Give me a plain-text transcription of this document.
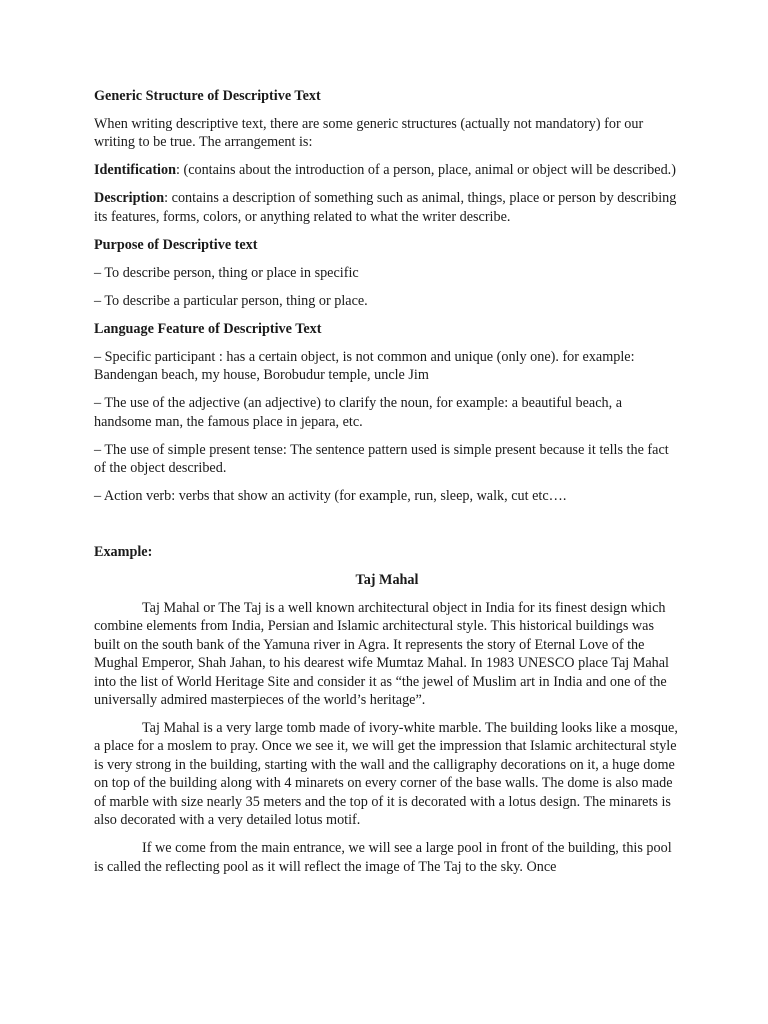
Generic Structure of Descriptive Text

When writing descriptive text, there are some generic structures (actually not mandatory) for our writing to be true. The arrangement is:

Identification: (contains about the introduction of a person, place, animal or object will be described.)

Description: contains a description of something such as animal, things, place or person by describing its features, forms, colors, or anything related to what the writer describe.

Purpose of Descriptive text

– To describe person, thing or place in specific

– To describe a particular person, thing or place.

Language Feature of Descriptive Text

– Specific participant : has a certain object, is not common and unique (only one). for example: Bandengan beach, my house, Borobudur temple, uncle Jim

– The use of the adjective (an adjective) to clarify the noun, for example: a beautiful beach, a handsome man, the famous place in jepara, etc.

– The use of simple present tense: The sentence pattern used is simple present because it tells the fact of the object described.

– Action verb: verbs that show an activity (for example, run, sleep, walk, cut etc….

Example:

Taj Mahal

Taj Mahal or The Taj is a well known architectural object in India for its finest design which combine elements from India, Persian and Islamic architectural style. This historical buildings was built on the south bank of the Yamuna river in Agra. It represents the story of Eternal Love of the Mughal Emperor, Shah Jahan, to his dearest wife Mumtaz Mahal. In 1983 UNESCO place Taj Mahal into the list of World Heritage Site and consider it as “the jewel of Muslim art in India and one of the universally admired masterpieces of the world’s heritage”.

Taj Mahal is a very large tomb made of ivory-white marble. The building looks like a mosque, a place for a moslem to pray. Once we see it, we will get the impression that Islamic architectural style is very strong in the building, starting with the wall and the calligraphy decorations on it, a huge dome on top of the building along with 4 minarets on every corner of the base walls. The dome is also made of marble with size nearly 35 meters and the top of it is decorated with a lotus design. The minarets is also decorated with a very detailed lotus motif.

If we come from the main entrance, we will see a large pool in front of the building, this pool is called the reflecting pool as it will reflect the image of The Taj to the sky. Once
